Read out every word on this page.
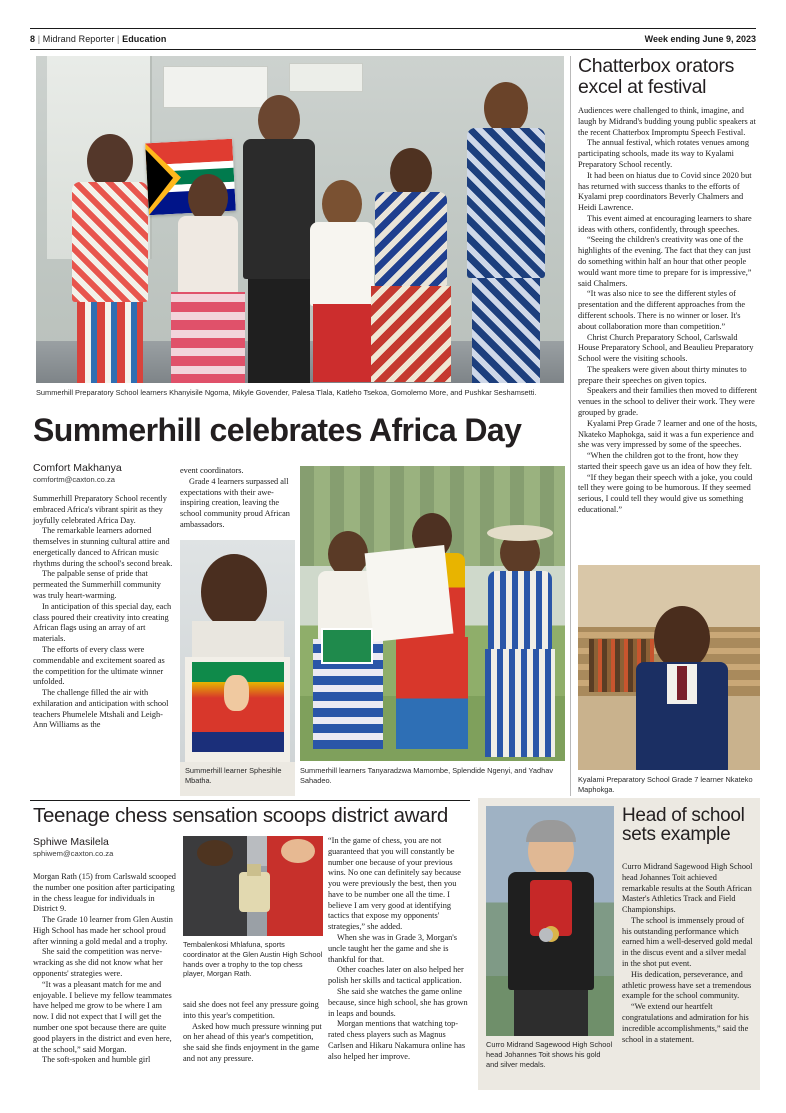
8 | Midrand Reporter | Education	Week ending June 9, 2023
Summerhill Preparatory School learners Khanyisile Ngoma, Mikyle Govender, Palesa Tlala, Katleho Tsekoa, Gomolemo More, and Pushkar Seshamsetti.
Summerhill celebrates Africa Day
Comfort Makhanya
comfortm@caxton.co.za

Summerhill Preparatory School recently embraced Africa's vibrant spirit as they joyfully celebrated Africa Day.

The remarkable learners adorned themselves in stunning cultural attire and energetically danced to African music rhythms during the school's second break.

The palpable sense of pride that permeated the Summerhill community was truly heart-warming.

In anticipation of this special day, each class poured their creativity into creating African flags using an array of art materials.

The efforts of every class were commendable and excitement soared as the competition for the ultimate winner unfolded.

The challenge filled the air with exhilaration and anticipation with school teachers Phumelele Mtshali and Leigh-Ann Williams as the

event coordinators.

Grade 4 learners surpassed all expectations with their awe-inspiring creation, leaving the school community proud African ambassadors.

Summerhill learner Sphesihle Mbatha.
Summerhill learners Tanyaradzwa Mamombe, Splendide Ngenyi, and Yadhav Sahadeo.
Chatterbox orators excel at festival

Audiences were challenged to think, imagine, and laugh by Midrand's budding young public speakers at the recent Chatterbox Impromptu Speech Festival.

The annual festival, which rotates venues among participating schools, made its way to Kyalami Preparatory School recently.

It had been on hiatus due to Covid since 2020 but has returned with success thanks to the efforts of Kyalami prep coordinators Beverly Chalmers and Heidi Lawrence.

This event aimed at encouraging learners to share ideas with others, confidently, through speeches.

“Seeing the children's creativity was one of the highlights of the evening. The fact that they can just do something within half an hour that other people would want more time to prepare for is impressive,” said Chalmers.

“It was also nice to see the different styles of presentation and the different approaches from the different schools. There is no winner or loser. It's about collaboration more than competition.”

Christ Church Preparatory School, Carlswald House Preparatory School, and Beaulieu Preparatory School were the visiting schools.

The speakers were given about thirty minutes to prepare their speeches on given topics.

Speakers and their families then moved to different venues in the school to deliver their work. They were grouped by grade.

Kyalami Prep Grade 7 learner and one of the hosts, Nkateko Maphokga, said it was a fun experience and she was very impressed by some of the speeches.

“When the children got to the front, how they started their speech gave us an idea of how they felt.

“If they began their speech with a joke, you could tell they were going to be humorous. If they seemed serious, I could tell they would give us something educational.”

Kyalami Preparatory School Grade 7 learner Nkateko Maphokga.
Teenage chess sensation scoops district award
Sphiwe Masilela
sphiwem@caxton.co.za

Morgan Rath (15) from Carlswald scooped the number one position after participating in the chess league for individuals in District 9.

The Grade 10 learner from Glen Austin High School has made her school proud after winning a gold medal and a trophy.

She said the competition was nerve-wracking as she did not know what her opponents' strategies were.

“It was a pleasant match for me and enjoyable. I believe my fellow teammates have helped me grow to be where I am now. I did not expect that I will get the number one spot because there are quite good players in the district and even here, at the school,” said Morgan.

The soft-spoken and humble girl

Tembalenkosi Mhlafuna, sports coordinator at the Glen Austin High School hands over a trophy to the top chess player, Morgan Rath.

said she does not feel any pressure going into this year's competition.

Asked how much pressure winning put on her ahead of this year's competition, she said she finds enjoyment in the game and not any pressure.

“In the game of chess, you are not guaranteed that you will constantly be number one because of your previous wins. No one can definitely say because you were previously the best, then you have to be number one all the time. I believe I am very good at identifying tactics that expose my opponents' strategies,” she added.

When she was in Grade 3, Morgan's uncle taught her the game and she is thankful for that.

Other coaches later on also helped her polish her skills and tactical application.

She said she watches the game online because, since high school, she has grown in leaps and bounds.

Morgan mentions that watching top-rated chess players such as Magnus Carlsen and Hikaru Nakamura online has also helped her improve.

Curro Midrand Sagewood High School head Johannes Toit shows his gold and silver medals.
Head of school sets example

Curro Midrand Sagewood High School head Johannes Toit achieved remarkable results at the South African Master's Athletics Track and Field Championships.

The school is immensely proud of his outstanding performance which earned him a well-deserved gold medal in the discus event and a silver medal in the shot put event.

His dedication, perseverance, and athletic prowess have set a tremendous example for the school community.

“We extend our heartfelt congratulations and admiration for his incredible accomplishments,” said the school in a statement.
